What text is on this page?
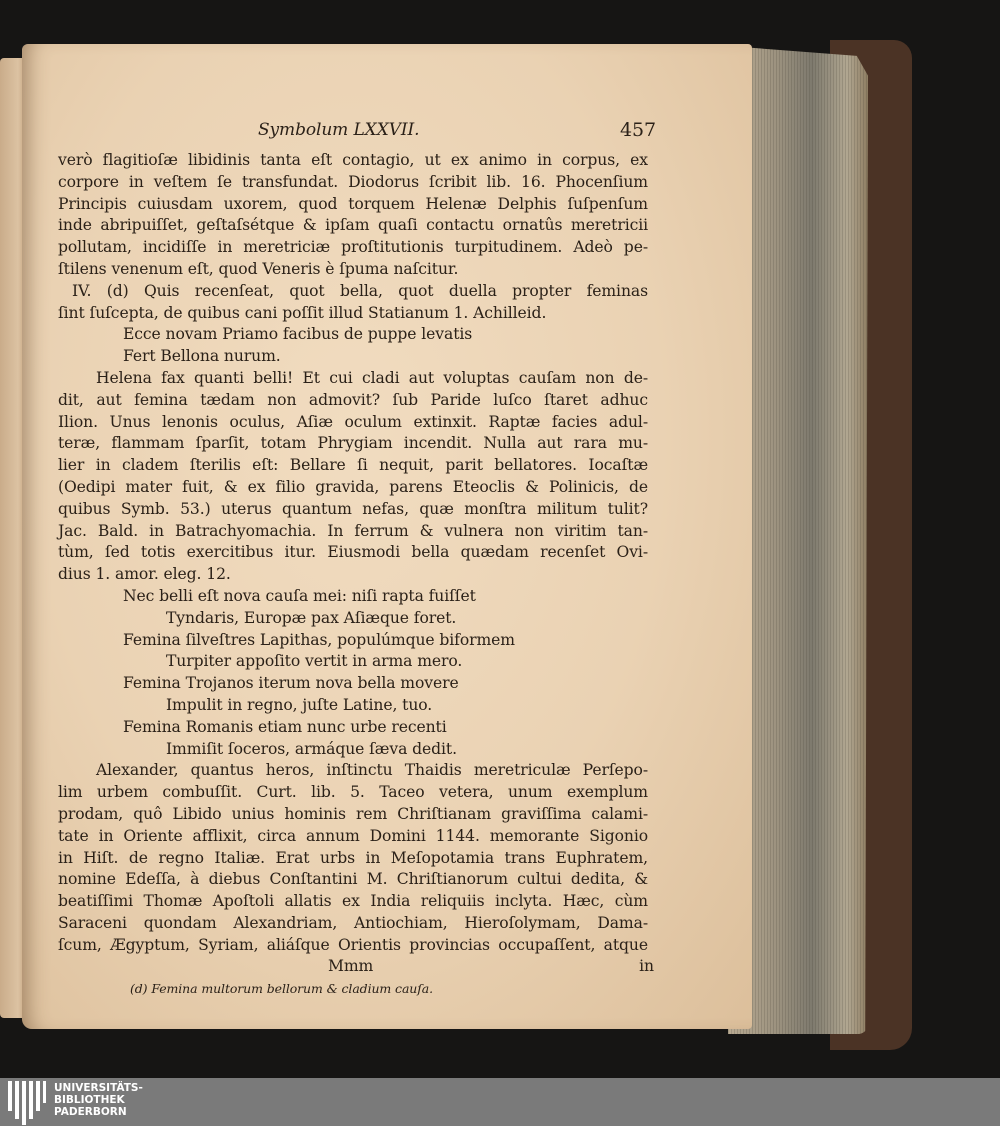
Symbolum LXXVII.	457
verò flagitioſæ libidinis tanta eſt contagio, ut ex animo in corpus, ex
corpore in veſtem ſe transfundat. Diodorus ſcribit lib. 16. Phocenſium
Principis cuiusdam uxorem, quod torquem Helenæ Delphis ſuſpenſum
inde abripuiſſet, geſtaſsétque & ipſam quaſi contactu ornatûs meretricii
pollutam, incidiſſe in meretriciæ proſtitutionis turpitudinem. Adeò pe-
ſtilens venenum eſt, quod Veneris è ſpuma naſcitur.
IV. (d) Quis recenſeat, quot bella, quot duella propter feminas
ſint ſuſcepta, de quibus cani poſſit illud Statianum 1. Achilleid.
Ecce novam Priamo facibus de puppe levatis
Fert Bellona nurum.
Helena fax quanti belli! Et cui cladi aut voluptas cauſam non de-
dit, aut femina tædam non admovit? ſub Paride luſco ſtaret adhuc
Ilion. Unus lenonis oculus, Aſiæ oculum extinxit. Raptæ facies adul-
teræ, flammam ſparſit, totam Phrygiam incendit. Nulla aut rara mu-
lier in cladem ſterilis eſt: Bellare ſi nequit, parit bellatores. Iocaſtæ
(Oedipi mater fuit, & ex filio gravida, parens Eteoclis & Polinicis, de
quibus Symb. 53.) uterus quantum nefas, quæ monſtra militum tulit?
Jac. Bald. in Batrachyomachia. In ferrum & vulnera non viritim tan-
tùm, ſed totis exercitibus itur. Eiusmodi bella quædam recenſet Ovi-
dius 1. amor. eleg. 12.
Nec belli eſt nova cauſa mei: niſi rapta fuiſſet
Tyndaris, Europæ pax Aſiæque foret.
Femina ſilveſtres Lapithas, populúmque biformem
Turpiter appoſito vertit in arma mero.
Femina Trojanos iterum nova bella movere
Impulit in regno, juſte Latine, tuo.
Femina Romanis etiam nunc urbe recenti
Immiſit ſoceros, armáque ſæva dedit.
Alexander, quantus heros, inſtinctu Thaidis meretriculæ Perſepo-
lim urbem combuſſit. Curt. lib. 5. Taceo vetera, unum exemplum
prodam, quô Libido unius hominis rem Chriſtianam graviſſima calami-
tate in Oriente afflixit, circa annum Domini 1144. memorante Sigonio
in Hiſt. de regno Italiæ. Erat urbs in Meſopotamia trans Euphratem,
nomine Edeſſa, à diebus Conſtantini M. Chriſtianorum cultui dedita, &
beatiſſimi Thomæ Apoſtoli allatis ex India reliquiis inclyta. Hæc, cùm
Saraceni quondam Alexandriam, Antiochiam, Hieroſolymam, Dama-
ſcum, Ægyptum, Syriam, aliáſque Orientis provincias occupaſſent, atque
Mmm	in
(d) Femina multorum bellorum & cladium cauſa.
UNIVERSITÄTS-
BIBLIOTHEK
PADERBORN
